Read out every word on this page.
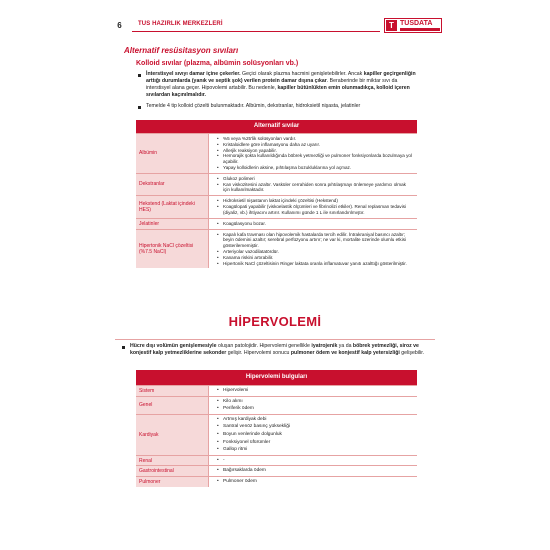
6	TUS HAZIRLIK MERKEZLERİ	T TUSDATA
Alternatif resüsitasyon sıvıları
Kolloid sıvılar (plazma, albümin solüsyonları vb.)
İnterstisyel sıvıyı damar içine çekerler. Geçici olarak plazma hacmini genişletebilirler. Ancak kapiller geçirgenliğin arttığı durumlarda (yanık ve septik şok) verilen protein damar dışına çıkar. Beraberinde bir miktar sıvı da interstisyel alana geçer. Hipovolemi artabilir. Bu nedenle, kapiller bütünlükten emin olunmadıkça, kolloid içeren sıvılardan kaçınılmalıdır.
Temelde 4 tip kolloid çözelti bulunmaktadır. Albümin, dekstranlar, hidroksietil nişasta, jelatinler
Alternatif sıvılar
Albümin
• %5 veya %25'lik solüsyonları vardır.
• Kristaloidlere göre inflamasyonu daha az uyarır.
• Allerjik reaksiyon yapabilir.
• Hemorajik şokta kullanıldığında böbrek yetmezliği ve pulmoner fonksiyonlarda bozulmaya yol açabilir.
• Yapay kolloidlerin aksine, pıhtılaşma bozukluklarına yol açmaz.
Dekstranlar
• Glukoz polimeri
• Kan viskozitesini azaltır. Vasküler cerrahiden sonra pıhtılaşmayı önlemeye yardımcı olmak için kullanılmaktadır.
Hekstend (Laktat içindeki HES)
• Hidroksietil nişastanın laktat içindeki çözeltisi (Hekstend)
• Koagülopati yapabilir (viskoelastik ölçümleri ve fibrinolizi etkiler). Renal replasman tedavisi (diyaliz, vb.) ihtiyacını artırır. Kullanımı günde 1 L ile sınırlandırılmıştır.
Jelatinler	• Koagülasyonu bozar.
Hipertonik NaCl çözeltisi (%7.5 NaCl)
• Kapalı kafa travması olan hipovolemik hastalarda tercih edilir. İntrakraniyal basıncı azaltır; beyin ödemini azaltır; serebral perfüzyonu artırır; ne var ki, mortalite üzerinde olumlu etkisi gösterilememiştir.
• Arteriyolar vazodilatatördür.
• Kanama riskini artırabilir.
• Hipertonik NaCl çözeltisinin Ringer laktata oranla inflamatuvar yanıtı azalttığı gösterilmiştir.
HİPERVOLEMİ
Hücre dışı volümün genişlemesiyle oluşan patolojidir. Hipervolemi genellikle iyatrojenik ya da böbrek yetmezliği, siroz ve konjestif kalp yetmezliklerine sekonder gelişir. Hipervolemi sonucu pulmoner ödem ve konjestif kalp yetersizliği gelişebilir.
Hipervolemi bulguları
Sistem	• Hipervolemi
Genel
• Kilo alımı
• Periferik ödem
Kardiyak
• Artmış kardiyak debi
• Santral venöz basınç yüksekliği
• Boyun venlerinde dolgunluk
• Fonksiyonel üfürümler
• Gallop ritmi
Renal	• -
Gastrointestinal	• Bağırsaklarda ödem
Pulmoner	• Pulmoner ödem
